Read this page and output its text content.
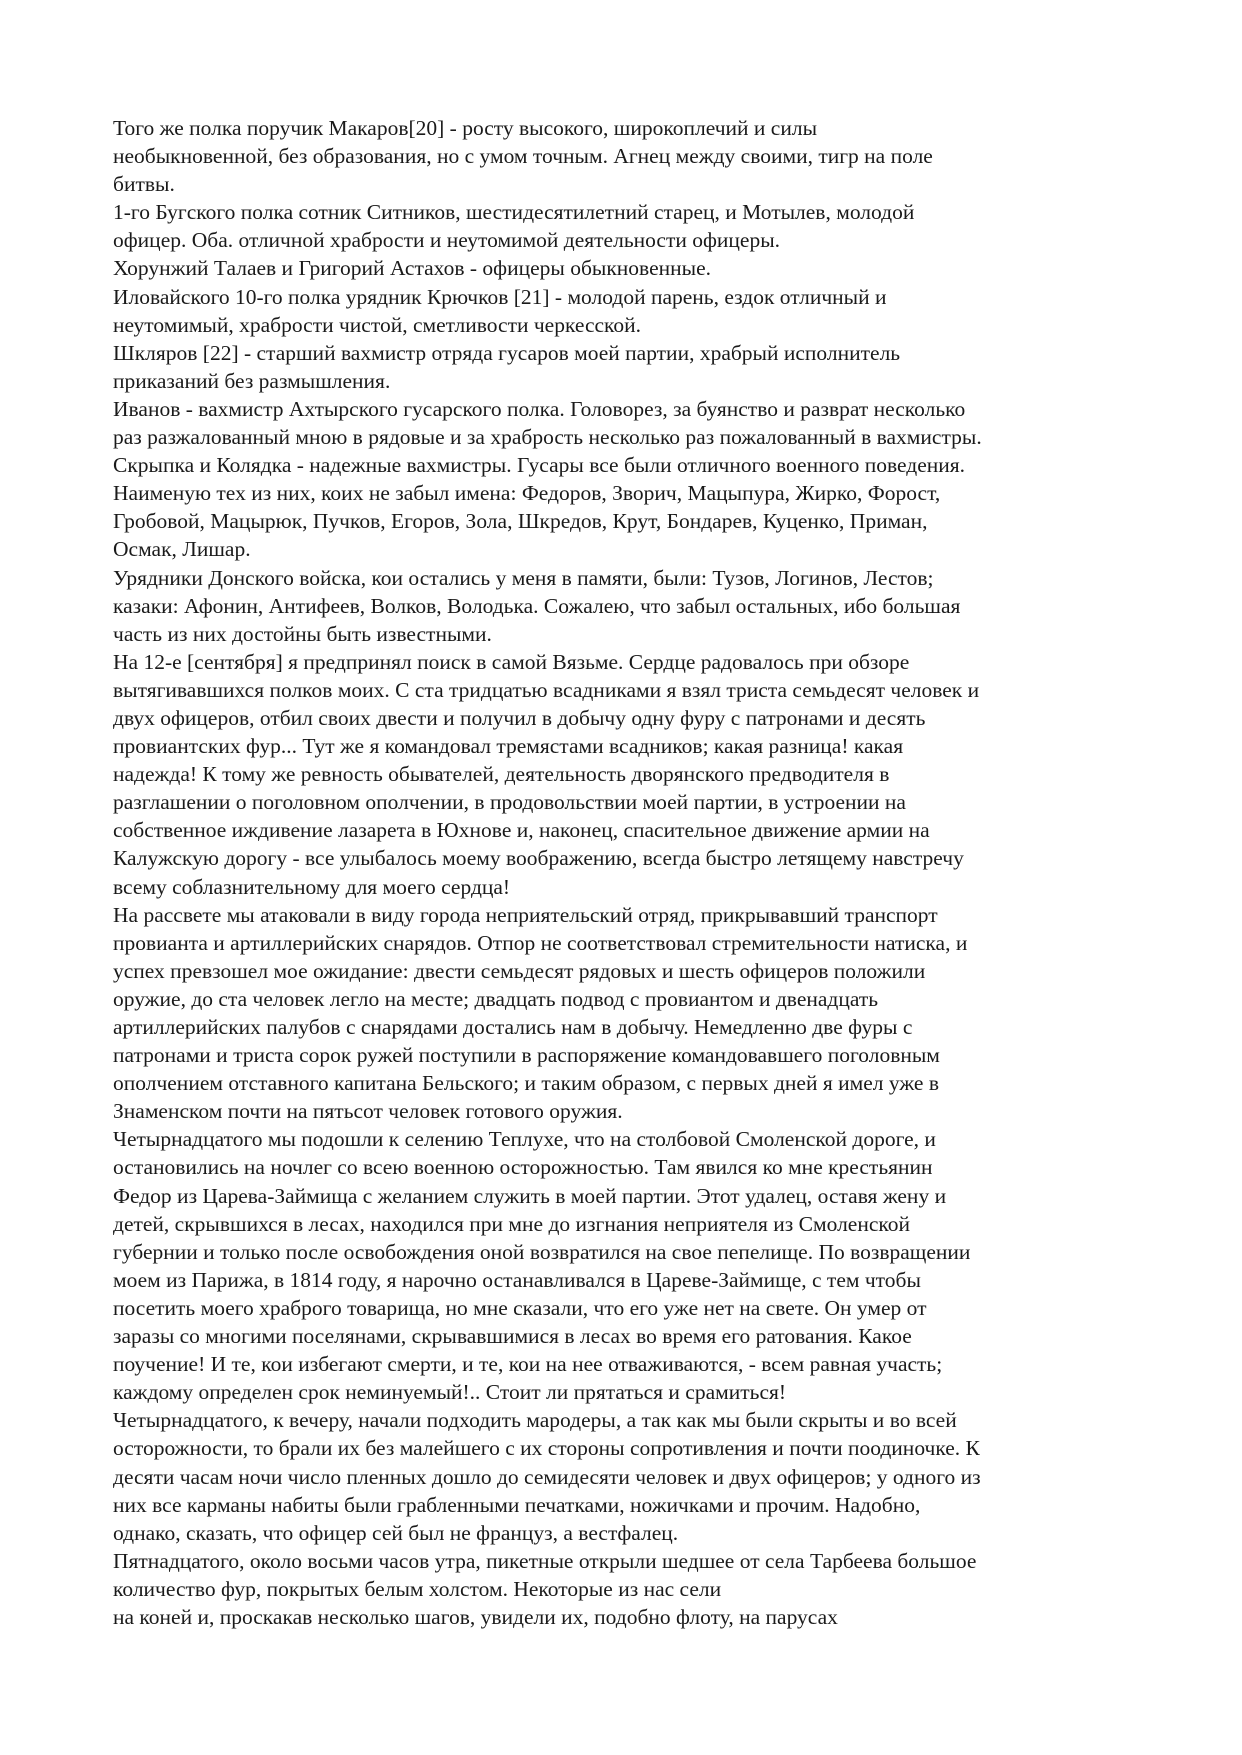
Того же полка поручик Макаров[20] - росту высокого, широкоплечий и силы
необыкновенной, без образования, но с умом точным. Агнец между своими, тигр на поле
битвы.
1-го Бугского полка сотник Ситников, шестидесятилетний старец, и Мотылев, молодой
офицер. Оба. отличной храбрости и неутомимой деятельности офицеры.
Хорунжий Талаев и Григорий Астахов - офицеры обыкновенные.
Иловайского 10-го полка урядник Крючков [21] - молодой парень, ездок отличный и
неутомимый, храбрости чистой, сметливости черкесской.
Шкляров [22] - старший вахмистр отряда гусаров моей партии, храбрый исполнитель
приказаний без размышления.
Иванов - вахмистр Ахтырского гусарского полка. Головорез, за буянство и разврат несколько
раз разжалованный мною в рядовые и за храбрость несколько раз пожалованный в вахмистры.
Скрыпка и Колядка - надежные вахмистры. Гусары все были отличного военного поведения.
Наименую тех из них, коих не забыл имена: Федоров, Зворич, Мацыпура, Жирко, Форост,
Гробовой, Мацырюк, Пучков, Егоров, Зола, Шкредов, Крут, Бондарев, Куценко, Приман,
Осмак, Лишар.
Урядники Донского войска, кои остались у меня в памяти, были: Тузов, Логинов, Лестов;
казаки: Афонин, Антифеев, Волков, Володька. Сожалею, что забыл остальных, ибо большая
часть из них достойны быть известными.
На 12-е [сентября] я предпринял поиск в самой Вязьме. Сердце радовалось при обзоре
вытягивавшихся полков моих. С ста тридцатью всадниками я взял триста семьдесят человек и
двух офицеров, отбил своих двести и получил в добычу одну фуру с патронами и десять
провиантских фур... Тут же я командовал тремястами всадников; какая разница! какая
надежда! К тому же ревность обывателей, деятельность дворянского предводителя в
разглашении о поголовном ополчении, в продовольствии моей партии, в устроении на
собственное иждивение лазарета в Юхнове и, наконец, спасительное движение армии на
Калужскую дорогу - все улыбалось моему воображению, всегда быстро летящему навстречу
всему соблазнительному для моего сердца!
На рассвете мы атаковали в виду города неприятельский отряд, прикрывавший транспорт
провианта и артиллерийских снарядов. Отпор не соответствовал стремительности натиска, и
успех превзошел мое ожидание: двести семьдесят рядовых и шесть офицеров положили
оружие, до ста человек легло на месте; двадцать подвод с провиантом и двенадцать
артиллерийских палубов с снарядами достались нам в добычу. Немедленно две фуры с
патронами и триста сорок ружей поступили в распоряжение командовавшего поголовным
ополчением отставного капитана Бельского; и таким образом, с первых дней я имел уже в
Знаменском почти на пятьсот человек готового оружия.
Четырнадцатого мы подошли к селению Теплухе, что на столбовой Смоленской дороге, и
остановились на ночлег со всею военною осторожностью. Там явился ко мне крестьянин
Федор из Царева-Займища с желанием служить в моей партии. Этот удалец, оставя жену и
детей, скрывшихся в лесах, находился при мне до изгнания неприятеля из Смоленской
губернии и только после освобождения оной возвратился на свое пепелище. По возвращении
моем из Парижа, в 1814 году, я нарочно останавливался в Цареве-Займище, с тем чтобы
посетить моего храброго товарища, но мне сказали, что его уже нет на свете. Он умер от
заразы со многими поселянами, скрывавшимися в лесах во время его ратования. Какое
поучение! И те, кои избегают смерти, и те, кои на нее отваживаются, - всем равная участь;
каждому определен срок неминуемый!.. Стоит ли прятаться и срамиться!
Четырнадцатого, к вечеру, начали подходить мародеры, а так как мы были скрыты и во всей
осторожности, то брали их без малейшего с их стороны сопротивления и почти поодиночке. К
десяти часам ночи число пленных дошло до семидесяти человек и двух офицеров; у одного из
них все карманы набиты были грабленными печатками, ножичками и прочим. Надобно,
однако, сказать, что офицер сей был не француз, а вестфалец.
Пятнадцатого, около восьми часов утра, пикетные открыли шедшее от села Тарбеева большое
количество фур, покрытых белым холстом. Некоторые из нас сели
на коней и, проскакав несколько шагов, увидели их, подобно флоту, на парусах
